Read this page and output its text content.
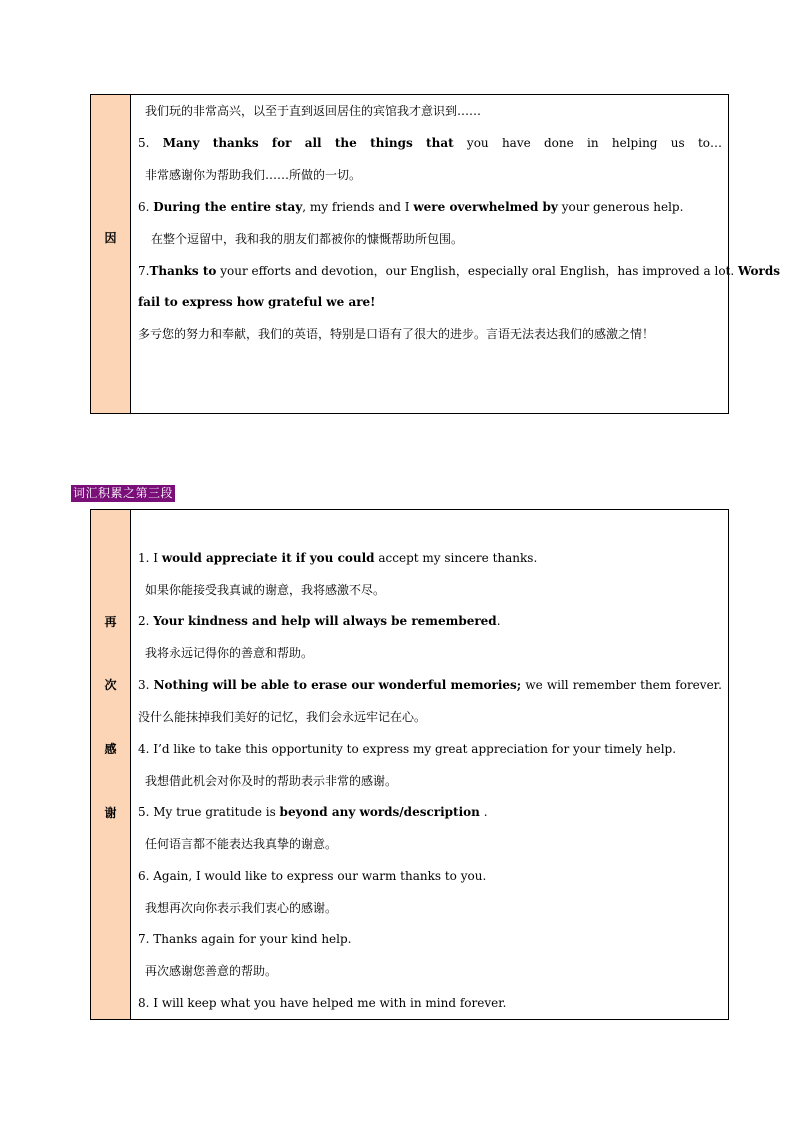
因
我们玩的非常高兴，以至于直到返回居住的宾馆我才意识到……
5. Many thanks for all the things that you have done in helping us to…
非常感谢你为帮助我们……所做的一切。
6. During the entire stay, my friends and I were overwhelmed by your generous help.
在整个逗留中，我和我的朋友们都被你的慷慨帮助所包围。
7.Thanks to your efforts and devotion，our English，especially oral English，has improved a lot. Words
fail to express how grateful we are!
多亏您的努力和奉献，我们的英语，特别是口语有了很大的进步。言语无法表达我们的感激之情！
词汇积累之第三段
再
次
感
谢
1. I would appreciate it if you could accept my sincere thanks.
如果你能接受我真诚的谢意，我将感激不尽。
2. Your kindness and help will always be remembered.
我将永远记得你的善意和帮助。
3. Nothing will be able to erase our wonderful memories; we will remember them forever.
没什么能抹掉我们美好的记忆，我们会永远牢记在心。
4. I’d like to take this opportunity to express my great appreciation for your timely help.
我想借此机会对你及时的帮助表示非常的感谢。
5. My true gratitude is beyond any words/description .
任何语言都不能表达我真挚的谢意。
6. Again, I would like to express our warm thanks to you.
我想再次向你表示我们衷心的感谢。
7. Thanks again for your kind help.
再次感谢您善意的帮助。
8. I will keep what you have helped me with in mind forever.
